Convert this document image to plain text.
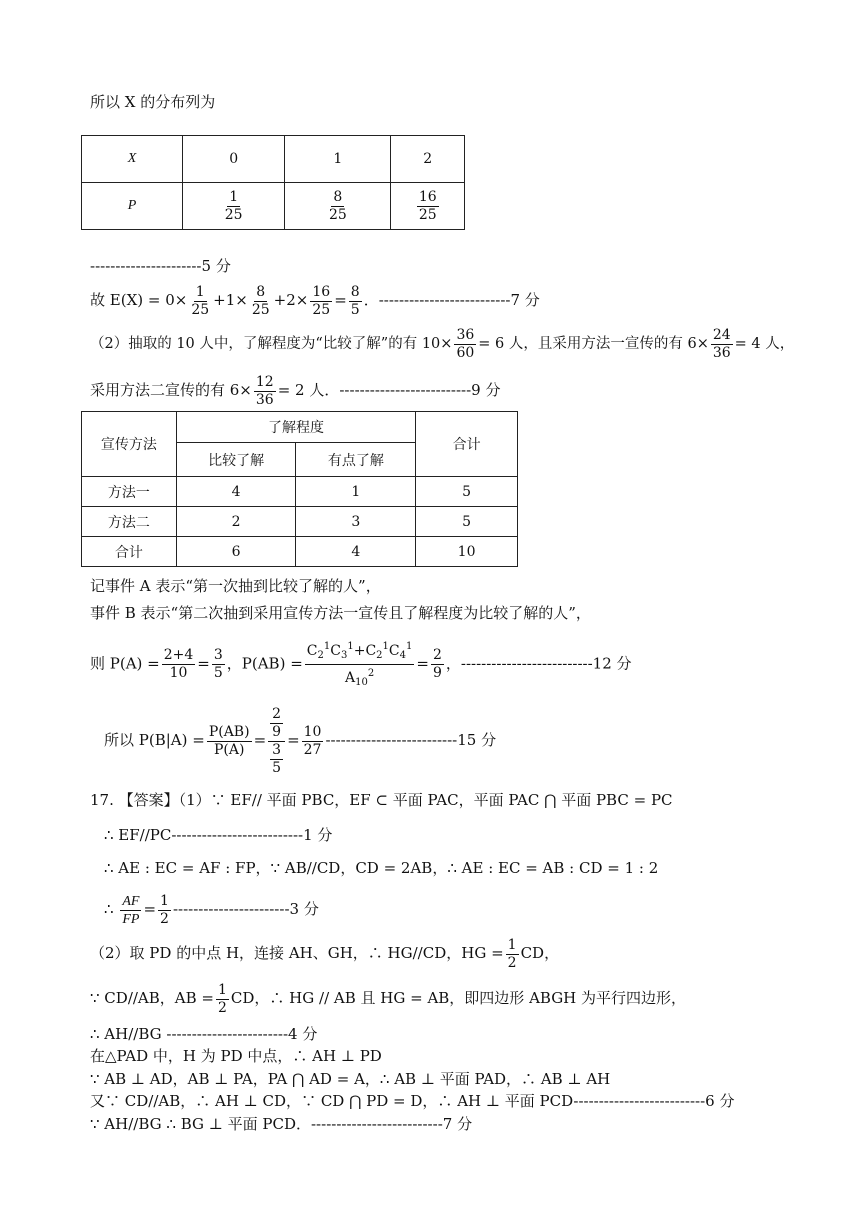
所以 X 的分布列为
X	0	1	2
P	$\frac{1}{25}$	$\frac{8}{25}$	$\frac{16}{25}$
----------------------5 分
故 $E(X) = 0\times \frac{1}{25} +1\times \frac{8}{25} +2\times \frac{16}{25} = \frac{8}{5}$ ．--------------------------7 分
（2）抽取的 10 人中，了解程度为“比较了解”的有 $10\times \frac{36}{60} = 6$ 人，且采用方法一宣传的有 $6\times \frac{24}{36} = 4$ 人，
采用方法二宣传的有 $6\times \frac{12}{36} = 2$ 人．--------------------------9 分
宣传方法	了解程度		合计
	比较了解	有点了解	
方法一	4	1	5
方法二	2	3	5
合计	6	4	10
记事件 A 表示“第一次抽到比较了解的人”，
事件 B 表示“第二次抽到采用宣传方法一宣传且了解程度为比较了解的人”，
则 $P(A) = \frac{2+4}{10} = \frac{3}{5}$ ，$P(AB) = \frac{C_2^1C_3^1+C_2^1C_4^1}{A_{10}^2} = \frac{2}{9}$ ，--------------------------12 分
所以 $P(B|A) = \frac{P(AB)}{P(A)} = \frac{\frac{2}{9}}{\frac{3}{5}} = \frac{10}{27} --------------------------15$ 分
17. 【答案】（1）∵ EF// 平面 PBC，EF ⊂ 平面 PAC，平面 PAC ⋂ 平面 PBC = PC
∴ EF//PC--------------------------1 分
∴ AE : EC = AF : FP，∵ AB//CD，CD = 2AB，∴ AE : EC = AB : CD = 1 : 2
∴ $\frac{AF}{FP} = \frac{1}{2} -----------------------3$ 分
（2）取 PD 的中点 H，连接 AH、GH，∴ HG//CD，HG = $\frac{1}{2}$ CD，
∵ CD//AB，AB = $\frac{1}{2}$ CD，∴ HG // AB 且 HG = AB，即四边形 ABGH 为平行四边形，
∴ AH//BG ------------------------4 分
在△PAD 中，H 为 PD 中点，∴ AH ⊥ PD
∵ AB ⊥ AD，AB ⊥ PA，PA ⋂ AD = A，∴ AB ⊥ 平面 PAD，∴ AB ⊥ AH
又∵ CD//AB，∴ AH ⊥ CD，∵ CD ⋂ PD = D，∴ AH ⊥ 平面 PCD--------------------------6 分
∵ AH//BG ∴ BG ⊥ 平面 PCD．--------------------------7 分
